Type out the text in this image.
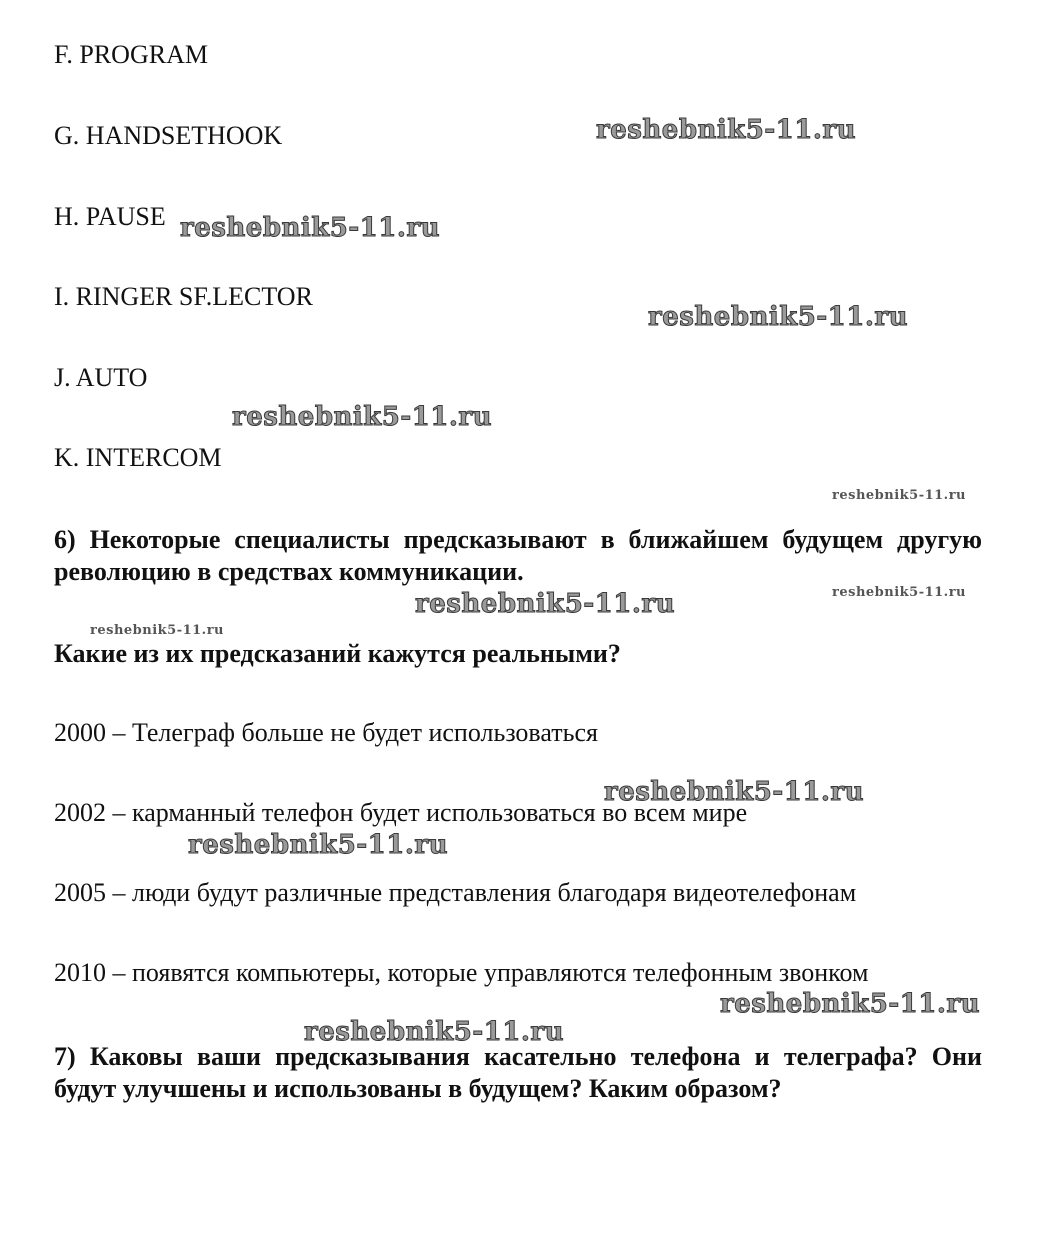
F. PROGRAM
G. HANDSETHOOK
H. PAUSE
I. RINGER SF.LECTOR
J. AUTO
K. INTERCOM
6) Некоторые специалисты предсказывают в ближайшем будущем другую революцию в средствах коммуникации.
Какие из их предсказаний кажутся реальными?
2000 – Телеграф больше не будет использоваться
2002 – карманный телефон будет использоваться во всем мире
2005 – люди будут различные представления благодаря видеотелефонам
2010 – появятся компьютеры, которые управляются телефонным звонком
7) Каковы ваши предсказывания касательно телефона и телеграфа? Они будут улучшены и использованы в будущем? Каким образом?
reshebnik5-11.ru
reshebnik5-11.ru
reshebnik5-11.ru
reshebnik5-11.ru
reshebnik5-11.ru
reshebnik5-11.ru	reshebnik5-11.ru
reshebnik5-11.ru
reshebnik5-11.ru
reshebnik5-11.ru
reshebnik5-11.ru
reshebnik5-11.ru
